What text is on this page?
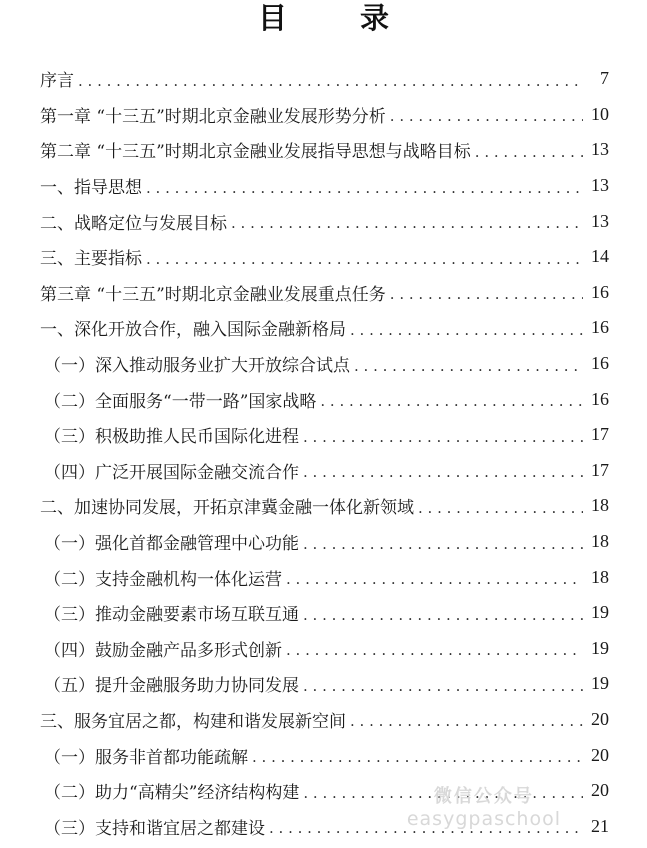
目　录
序言 . . .	7
第一章 “十三五”时期北京金融业发展形势分析 . . .	10
第二章 “十三五”时期北京金融业发展指导思想与战略目标 . . .	13
一、指导思想 . . .	13
二、战略定位与发展目标 . . .	13
三、主要指标 . . .	14
第三章 “十三五”时期北京金融业发展重点任务 . . .	16
一、深化开放合作，融入国际金融新格局 . . .	16
（一）深入推动服务业扩大开放综合试点 . . .	16
（二）全面服务“一带一路”国家战略 . . .	16
（三）积极助推人民币国际化进程 . . .	17
（四）广泛开展国际金融交流合作 . . .	17
二、加速协同发展，开拓京津冀金融一体化新领域 . . .	18
（一）强化首都金融管理中心功能 . . .	18
（二）支持金融机构一体化运营 . . .	18
（三）推动金融要素市场互联互通 . . .	19
（四）鼓励金融产品多形式创新 . . .	19
（五）提升金融服务助力协同发展 . . .	19
三、服务宜居之都，构建和谐发展新空间 . . .	20
（一）服务非首都功能疏解 . . .	20
（二）助力“高精尖”经济结构构建 . . .	20
（三）支持和谐宜居之都建设 . . .	21
微信公众号
easygpaschool
